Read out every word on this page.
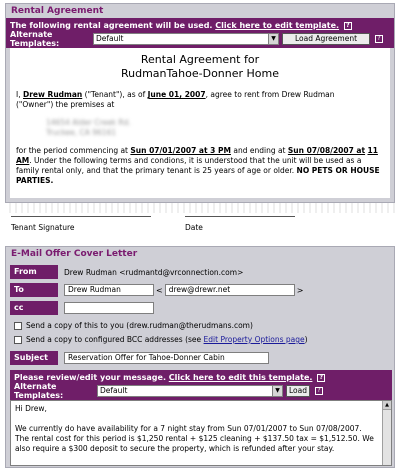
Rental Agreement
The following rental agreement will be used. Click here to edit template. ?
Alternate Templates:
Default	▼	Load Agreement	?
Rental Agreement for
RudmanTahoe-Donner Home

I, Drew Rudman ("Tenant"), as of June 01, 2007, agree to rent from Drew Rudman
("Owner") the premises at

14654 Alder Creek Rd.
Truckee, CA 96161

for the period commencing at Sun 07/01/2007 at 3 PM and ending at Sun 07/08/2007 at 11 AM. Under the following terms and condions, it is understood that the unit will be used as a family rental only, and that the primary tenant is 25 years of age or older. NO PETS OR HOUSE PARTIES.

Tenant Signature	Date
E-Mail Offer Cover Letter
From	Drew Rudman <rudmantd@vrconnection.com>
To	Drew Rudman	< drew@drewr.net	>
cc
Send a copy of this to you (drew.rudman@therudmans.com)
Send a copy to configured BCC addresses (see
Edit Property Options page )
Subject	Reservation Offer for Tahoe-Donner Cabin
Please review/edit your message. Click here to edit this template. ?
Alternate Templates:
Default	▼	Load	?
Hi Drew,
We currently do have availability for a 7 night stay from Sun 07/01/2007 to Sun 07/08/2007. The rental cost for this period is $1,250 rental + $125 cleaning + $137.50 tax = $1,512.50. We also require a $300 deposit to secure the property, which is refunded after your stay.
▲
